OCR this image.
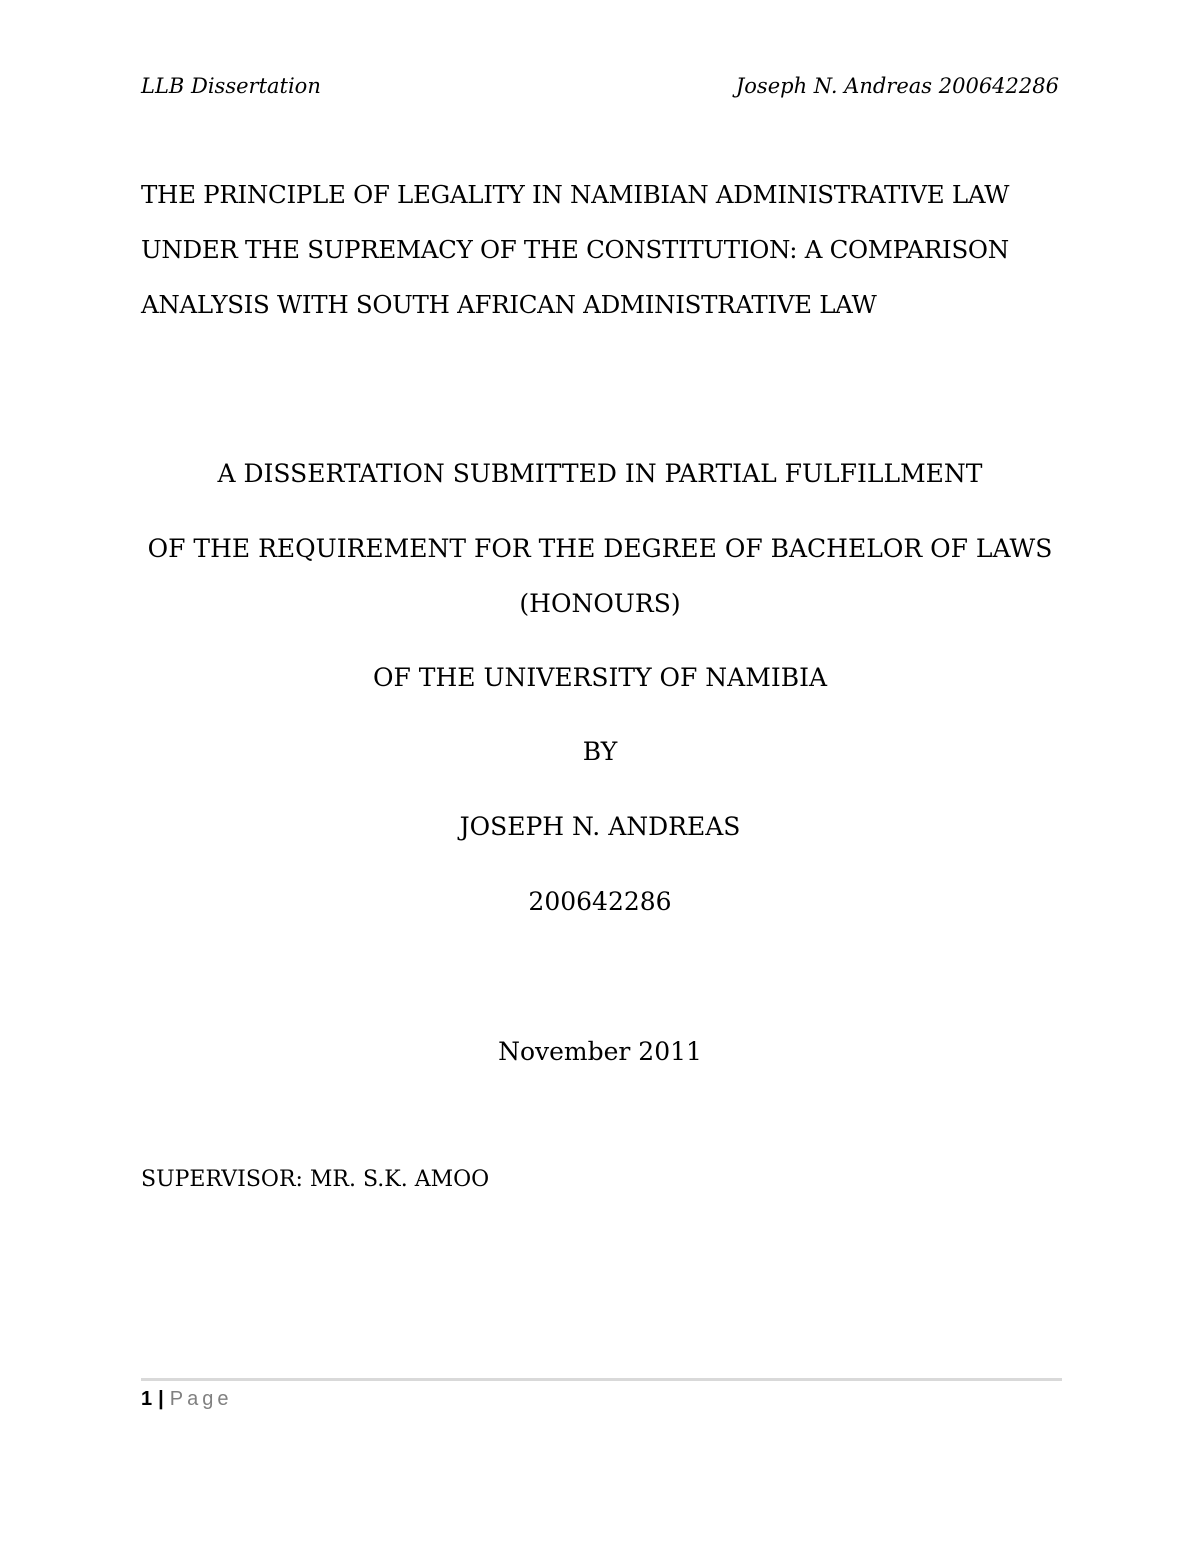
LLB Dissertation	Joseph N. Andreas 200642286
THE PRINCIPLE OF LEGALITY IN NAMIBIAN ADMINISTRATIVE LAW
UNDER THE SUPREMACY OF THE CONSTITUTION: A COMPARISON
ANALYSIS WITH SOUTH AFRICAN ADMINISTRATIVE LAW
A DISSERTATION SUBMITTED IN PARTIAL FULFILLMENT
OF THE REQUIREMENT FOR THE DEGREE OF BACHELOR OF LAWS
(HONOURS)
OF THE UNIVERSITY OF NAMIBIA
BY
JOSEPH N. ANDREAS
200642286
November 2011
SUPERVISOR: MR. S.K. AMOO
1 | Page
